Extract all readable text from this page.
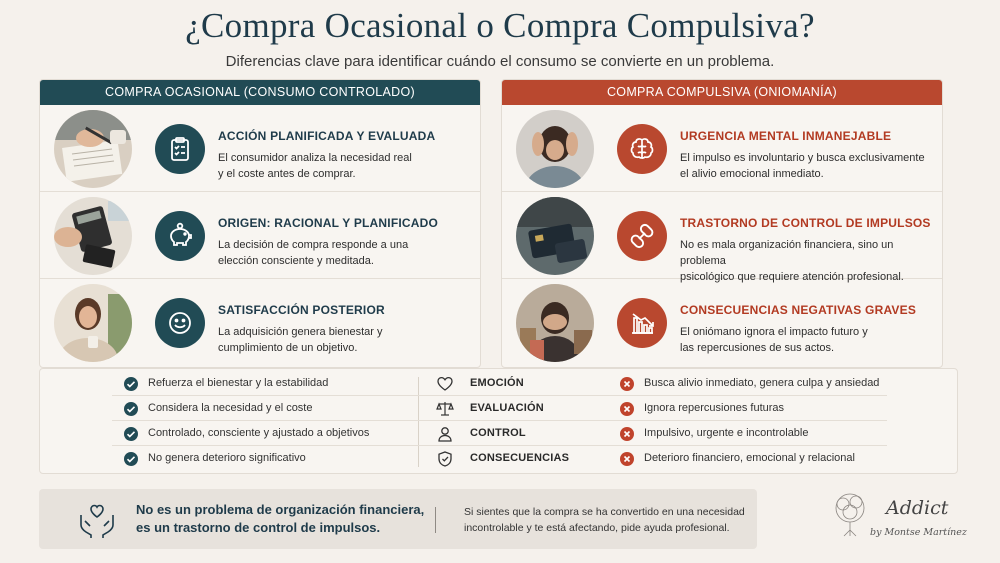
¿Compra Ocasional o Compra Compulsiva?
Diferencias clave para identificar cuándo el consumo se convierte en un problema.
COMPRA OCASIONAL (CONSUMO CONTROLADO)
ACCIÓN PLANIFICADA Y EVALUADA
El consumidor analiza la necesidad real
y el coste antes de comprar.
ORIGEN: RACIONAL Y PLANIFICADO
La decisión de compra responde a una
elección consciente y meditada.
SATISFACCIÓN POSTERIOR
La adquisición genera bienestar y
cumplimiento de un objetivo.
COMPRA COMPULSIVA (ONIOMANÍA)
URGENCIA MENTAL INMANEJABLE
El impulso es involuntario y busca exclusivamente
el alivio emocional inmediato.
TRASTORNO DE CONTROL DE IMPULSOS
No es mala organización financiera, sino un problema
psicológico que requiere atención profesional.
CONSECUENCIAS NEGATIVAS GRAVES
El oniómano ignora el impacto futuro y
las repercusiones de sus actos.
Refuerza el bienestar y la estabilidad	EMOCIÓN	Busca alivio inmediato, genera culpa y ansiedad
Considera la necesidad y el coste	EVALUACIÓN	Ignora repercusiones futuras
Controlado, consciente y ajustado a objetivos	CONTROL	Impulsivo, urgente e incontrolable
No genera deterioro significativo	CONSECUENCIAS	Deterioro financiero, emocional y relacional
No es un problema de organización financiera,
es un trastorno de control de impulsos.
Si sientes que la compra se ha convertido en una necesidad
incontrolable y te está afectando, pide ayuda profesional.
Addict
by Montse Martínez
